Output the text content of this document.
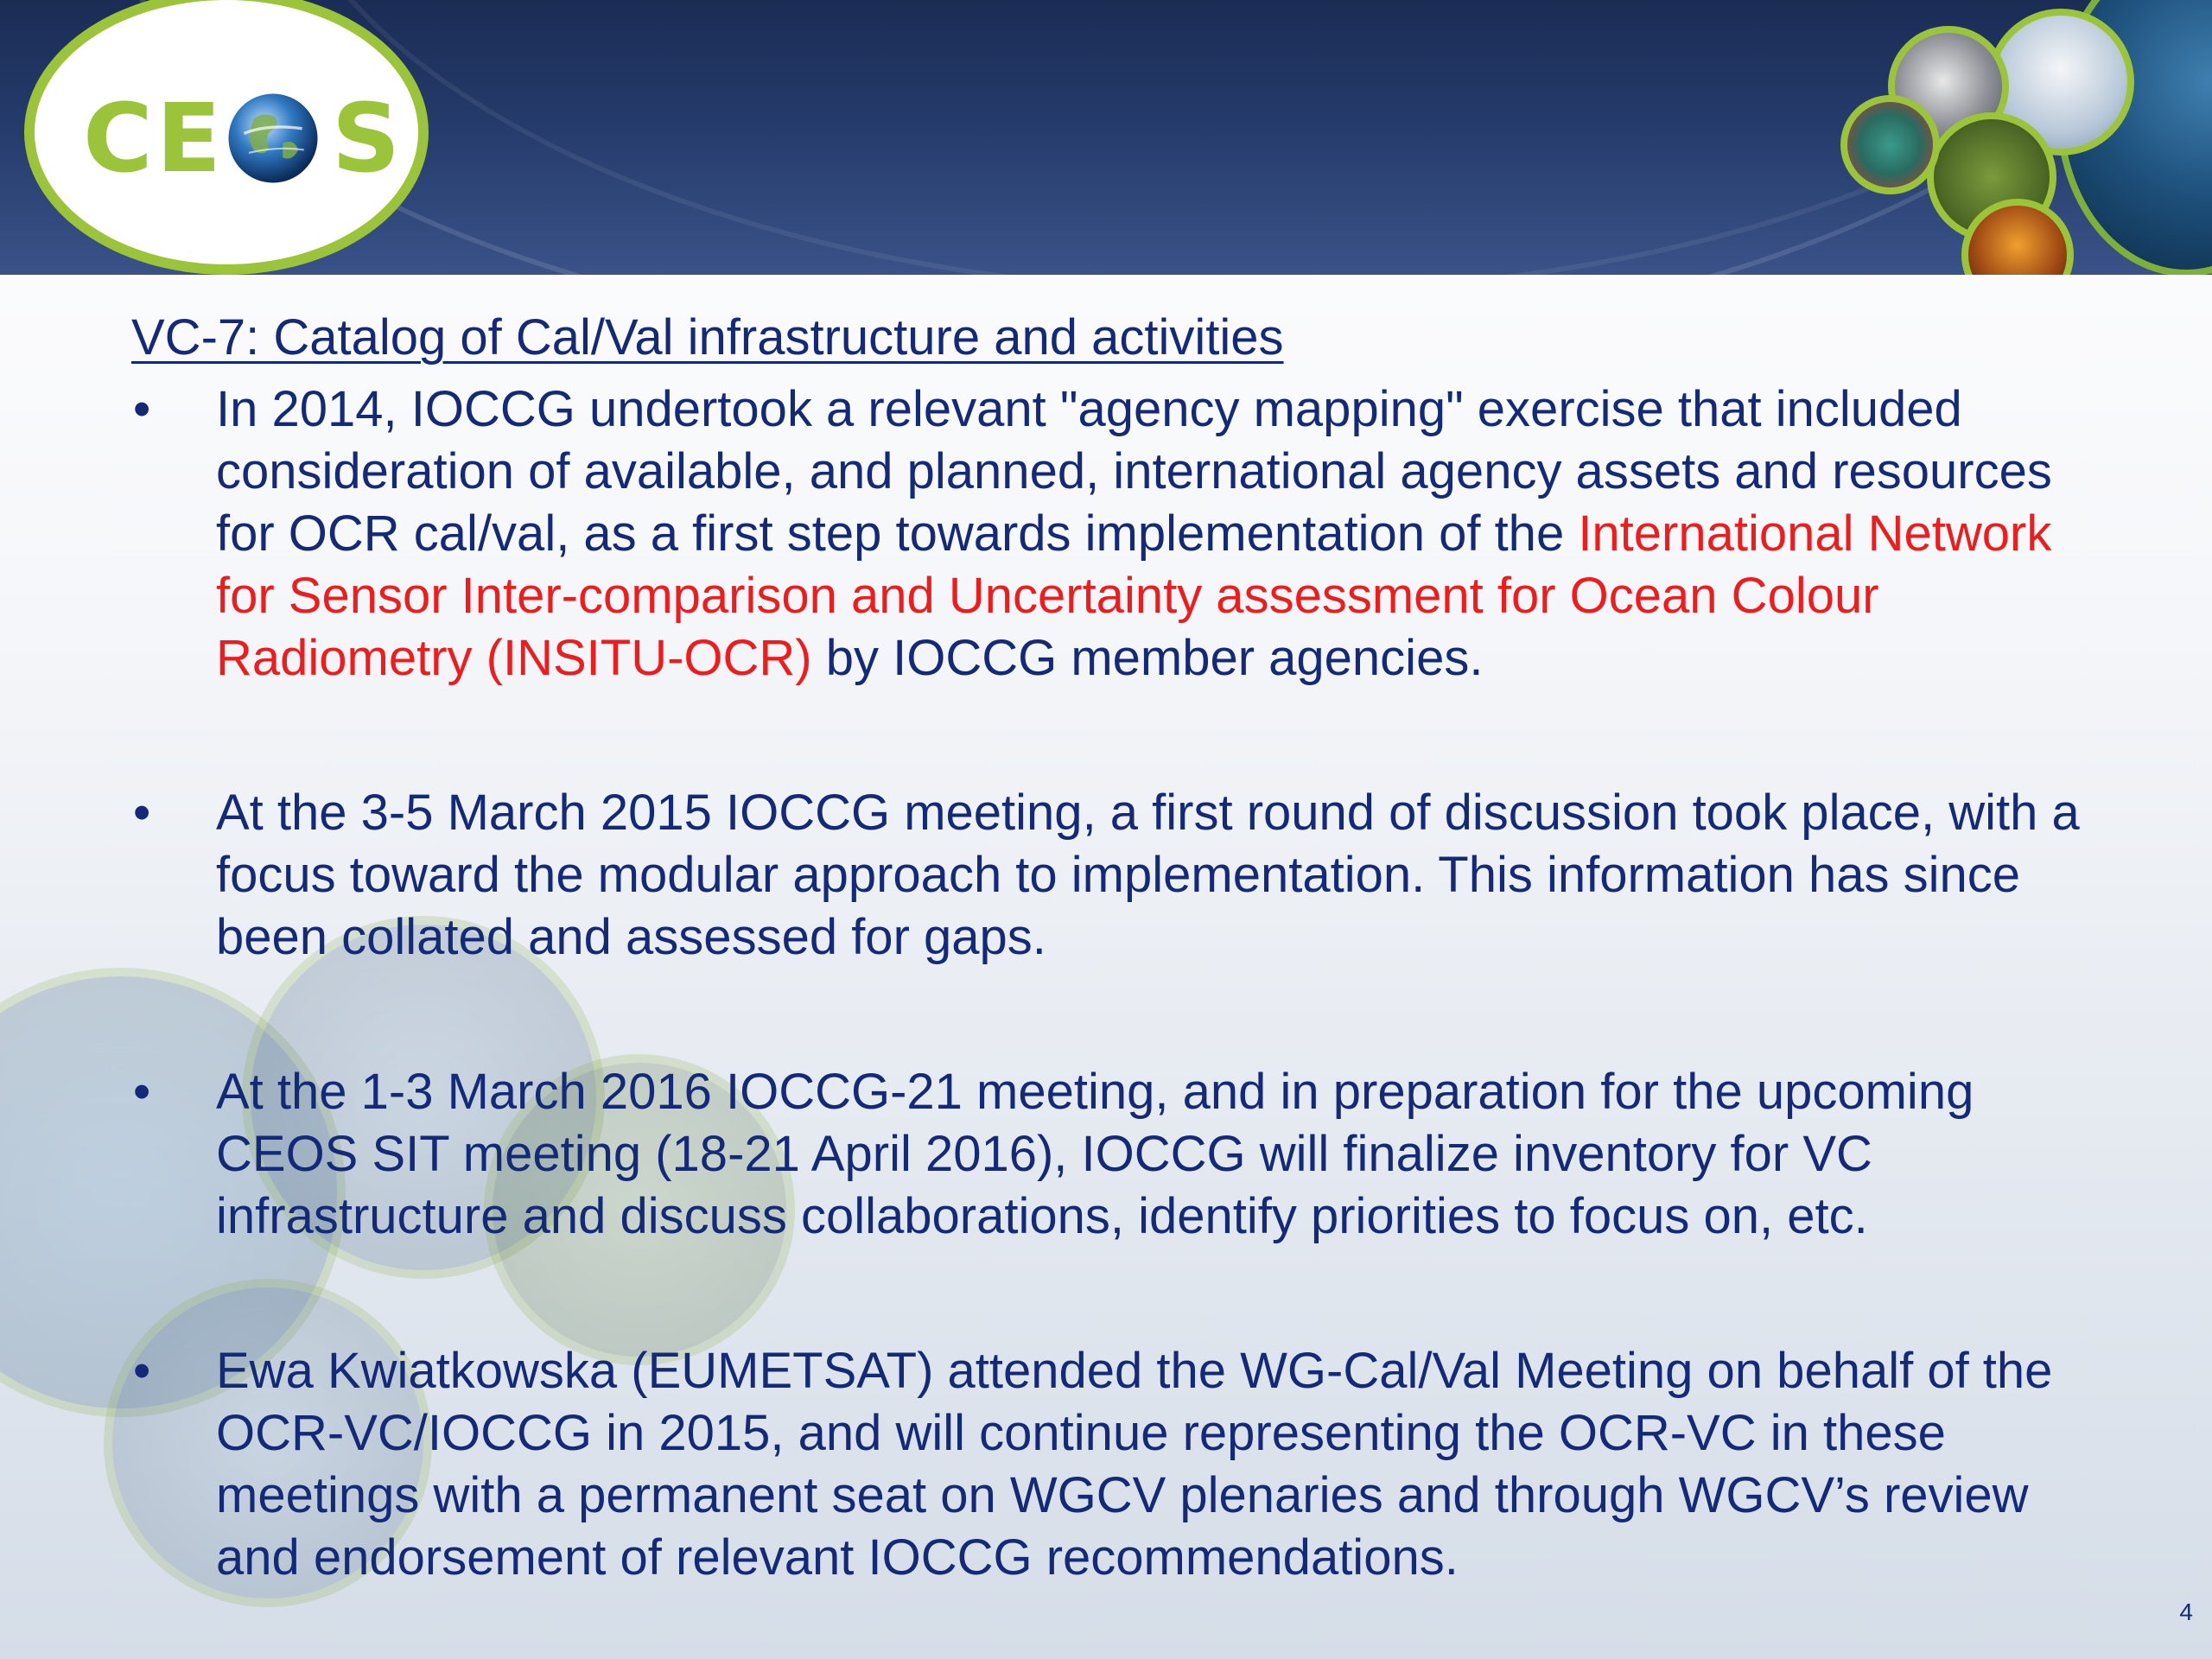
CE S

VC-7: Catalog of Cal/Val infrastructure and activities

• In 2014, IOCCG undertook a relevant "agency mapping" exercise that included consideration of available, and planned, international agency assets and resources for OCR cal/val, as a first step towards implementation of the International Network for Sensor Inter-comparison and Uncertainty assessment for Ocean Colour Radiometry (INSITU-OCR) by IOCCG member agencies.

• At the 3-5 March 2015 IOCCG meeting, a first round of discussion took place, with a focus toward the modular approach to implementation. This information has since been collated and assessed for gaps.

• At the 1-3 March 2016 IOCCG-21 meeting, and in preparation for the upcoming CEOS SIT meeting (18-21 April 2016), IOCCG will finalize inventory for VC infrastructure and discuss collaborations, identify priorities to focus on, etc.

• Ewa Kwiatkowska (EUMETSAT) attended the WG-Cal/Val Meeting on behalf of the OCR-VC/IOCCG in 2015, and will continue representing the OCR-VC in these meetings with a permanent seat on WGCV plenaries and through WGCV’s review and endorsement of relevant IOCCG recommendations.

4
